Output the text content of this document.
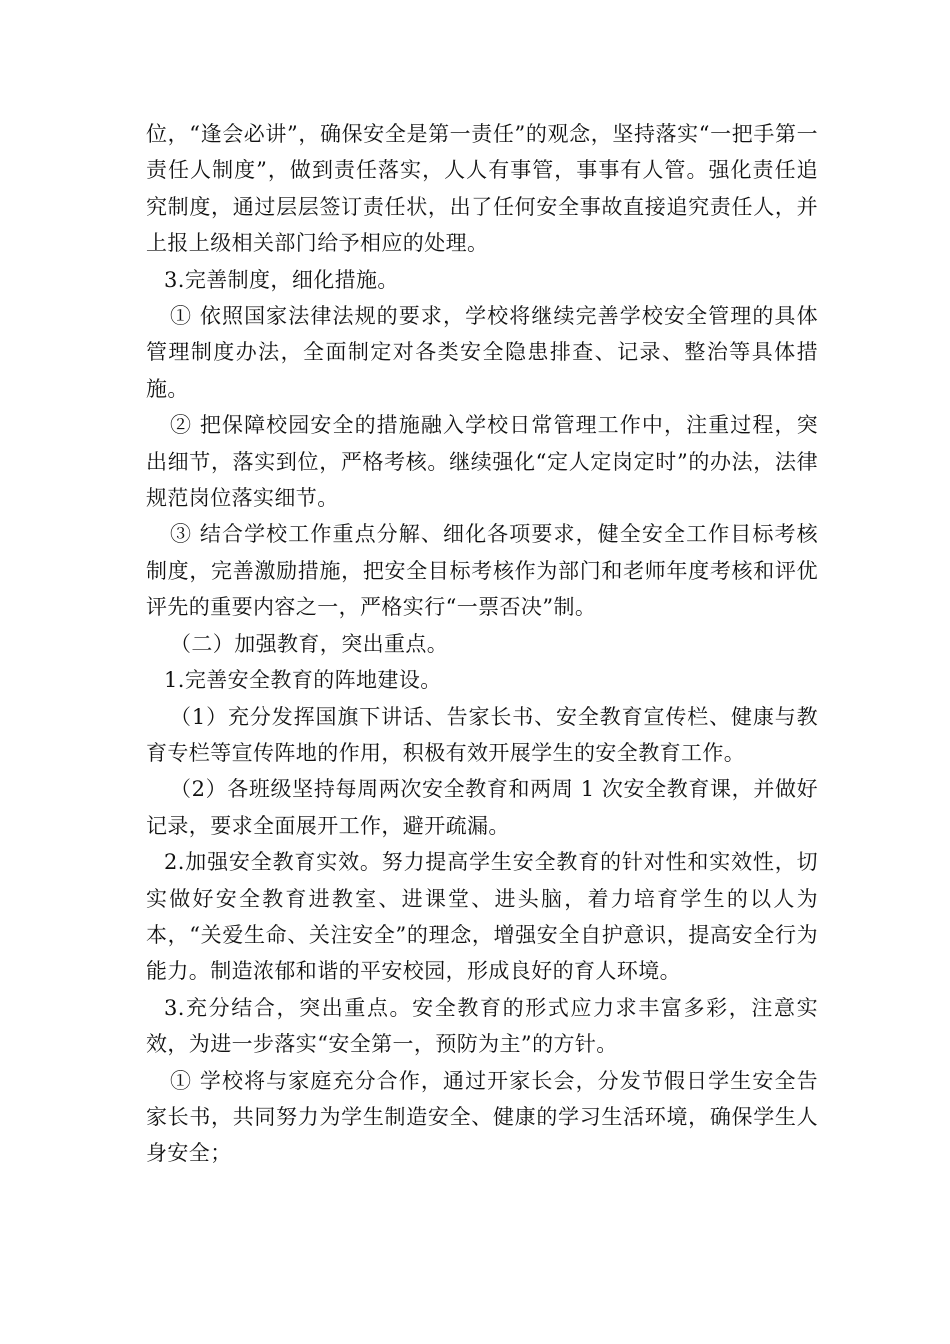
位，“逢会必讲”，确保安全是第一责任”的观念，坚持落实“一把手第一责任人制度”，做到责任落实，人人有事管，事事有人管。强化责任追究制度，通过层层签订责任状，出了任何安全事故直接追究责任人，并上报上级相关部门给予相应的处理。

3.完善制度，细化措施。

① 依照国家法律法规的要求，学校将继续完善学校安全管理的具体管理制度办法，全面制定对各类安全隐患排查、记录、整治等具体措施。

② 把保障校园安全的措施融入学校日常管理工作中，注重过程，突出细节，落实到位，严格考核。继续强化“定人定岗定时”的办法，法律规范岗位落实细节。

③ 结合学校工作重点分解、细化各项要求，健全安全工作目标考核制度，完善激励措施，把安全目标考核作为部门和老师年度考核和评优评先的重要内容之一，严格实行“一票否决”制。

（二）加强教育，突出重点。

1.完善安全教育的阵地建设。

（1）充分发挥国旗下讲话、告家长书、安全教育宣传栏、健康与教育专栏等宣传阵地的作用，积极有效开展学生的安全教育工作。

（2）各班级坚持每周两次安全教育和两周 1 次安全教育课，并做好记录，要求全面展开工作，避开疏漏。

2.加强安全教育实效。努力提高学生安全教育的针对性和实效性，切实做好安全教育进教室、进课堂、进头脑，着力培育学生的以人为本，“关爱生命、关注安全”的理念，增强安全自护意识，提高安全行为能力。制造浓郁和谐的平安校园，形成良好的育人环境。

3.充分结合，突出重点。安全教育的形式应力求丰富多彩，注意实效，为进一步落实“安全第一，预防为主”的方针。

① 学校将与家庭充分合作，通过开家长会，分发节假日学生安全告家长书，共同努力为学生制造安全、健康的学习生活环境，确保学生人身安全；
